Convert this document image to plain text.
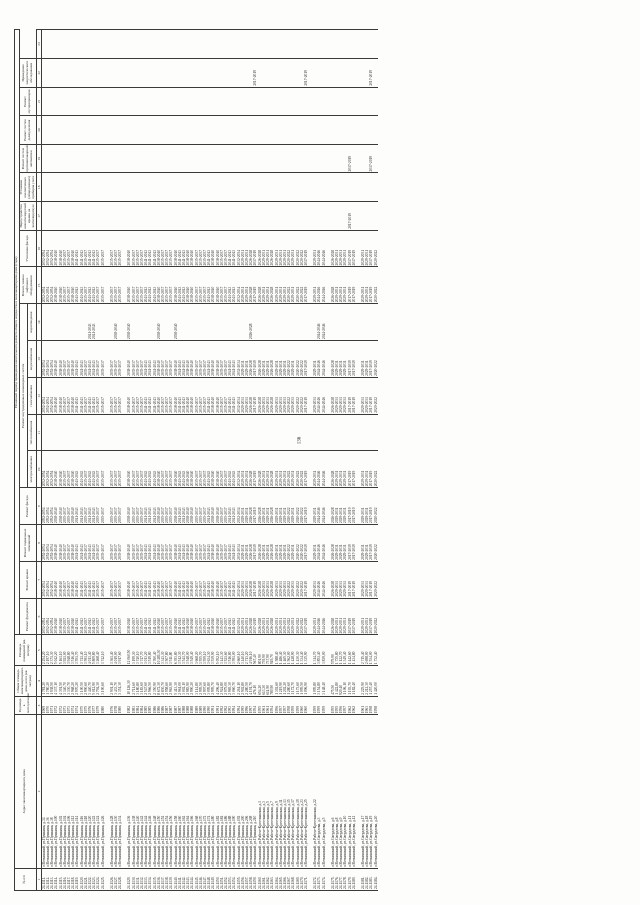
136
№ п/п	Адрес многоквартирного дома	Год ввода в эксплуатацию	Общая площадь многоквартирного дома, всего (кв. метров)	Площадь помещений (кв. метров)	Плановый период проведения капитального ремонта общего имущества в многоквартирном доме (годы)																	
					Ремонт фундамента	Ремонт крыши	Ремонт подвальных помещений	Ремонт фасада	Ремонт внутридомовых инженерных систем					Ремонт, замена лифтового оборудования	Утепление фасада	Переустройство невентилируемой крыши на вентилируемую	Установка коллективных (общедомовых) приборов учета	Ремонт систем противопожарной автоматики	Ремонт систем дымоудаления	Ремонт мусоропроводов	Проведение энергетического обследования	
									электроснабжения	теплоснабжения	газоснабжения	водоснабжения	водоотведения									
1	2	3	4	5	6	7	8	9	10	11	12	13	14	15	16	17	18	19	20	21	22	23
24.1111.	г.Воткинский, ул.Пушкина, д.34	1969	1 781,20	2 254,20	2052-2054	2052-2054	2052-2054	2052-2054	2052-2054		2052-2054	2052-2054		2052-2054	2052-2054							
24.1112.	г.Воткинский, ул.Пушкина, д.36	1970	1 780,20	2 197,10	2052-2054	2052-2054	2052-2054	2052-2054	2052-2054		2052-2054	2052-2054		2052-2054	2052-2054							
24.1113.	г.Воткинский, ул.Пушкина, д.38	1971	1 938,50	2 371,30	2052-2054	2052-2054	2052-2054	2052-2054	2052-2054		2052-2054	2052-2054		2052-2054	2052-2054							
24.1114.	г.Воткинский, ул.Пушкина, д.100	1972	4 337,10	5 042,20	2038-2040	2038-2040	2038-2040	2038-2040	2038-2040		2038-2040	2038-2040		2038-2040	2038-2040							
24.1115.	г.Воткинский, ул.Пушкина, д.102	1972	4 391,50	5 161,10	2038-2040	2038-2040	2038-2040	2038-2040	2038-2040		2038-2040	2038-2040		2038-2040	2038-2040							
24.1116.	г.Воткинский, ул.Пушкина, д.104	1973	3 340,70	3 921,00	2035-2037	2035-2037	2035-2037	2035-2037	2035-2037		2035-2037	2035-2037		2035-2037	2035-2037							
24.1117.	г.Воткинский, ул.Пушкина, д.106	1973	3 330,70	3 948,80	2035-2037	2035-2037	2035-2037	2035-2037	2035-2037		2035-2037	2035-2037		2035-2037	2035-2037							
24.1118.	г.Воткинский, ул.Пушкина, д.112	1974	2 968,20	3 516,40	2038-2040	2038-2040	2038-2040	2038-2040	2038-2040		2038-2040	2038-2040		2038-2040	2038-2040							
24.1119.	г.Воткинский, ул.Пушкина, д.114	1974	2 970,20	3 551,70	2041-2043	2041-2043	2041-2043	2041-2043	2041-2043		2041-2043	2041-2043		2041-2043	2041-2043							
24.1120.	г.Воткинский, ул.Пушкина, д.116	1975	3 100,50	3 741,40	2041-2043	2041-2043	2041-2043	2041-2043	2041-2043		2041-2043	2041-2043		2041-2043	2041-2043							
24.1121.	г.Воткинский, ул.Пушкина, д.118	1975	2 990,60	3 591,10	2035-2037	2035-2037	2035-2037	2035-2037	2035-2037		2035-2037	2035-2037		2035-2037	2035-2037							
24.1122.	г.Воткинский, ул.Пушкина, д.120	1976	3 440,70	4 013,40	2041-2043	2041-2043	2041-2043	2041-2043	2041-2043		2041-2043	2041-2043	2041-2043	2041-2043	2041-2043							
24.1123.	г.Воткинский, ул.Пушкина, д.122	1977	5 012,90	5 809,80	2041-2043	2041-2043	2041-2043	2041-2043	2041-2043		2041-2043	2041-2043	2041-2043	2041-2043	2041-2043							
24.1124.	г.Воткинский, ул.Пушкина, д.124	1979	2 794,30	3 268,40	2035-2037	2035-2037	2035-2037	2035-2037	2035-2037		2035-2037	2035-2037		2035-2037	2035-2037							
24.1125.	г.Воткинский, ул.Пушкина, д.126	1980	3 190,60	3 742,10	2035-2037	2035-2037	2035-2037	2035-2037	2035-2037		2035-2037	2035-2037		2035-2037	2035-2037							

24.1126.	г.Воткинский, ул.Пушкина, д.128	1976	2 901,10	3 361,40	2035-2037	2035-2037	2035-2037	2035-2037	2035-2037		2035-2037	2035-2037		2035-2037	2035-2037							
24.1127.	г.Воткинский, ул.Пушкина, д.130	1978	3 433,70	4 019,00	2035-2037	2035-2037	2035-2037	2035-2037	2035-2037		2035-2037	2035-2037	2038-2040	2035-2037	2035-2037							
24.1128.	г.Воткинский, ул.Пушкина, д.134	1980	3 351,30	3 917,60	2035-2037	2035-2037	2035-2037	2035-2037	2035-2037		2035-2037	2035-2037		2035-2037	2035-2037							

24.1129.	г.Воткинский, ул.Пушкина, д.136	1982	10 126,30	12 060,50	2038-2040	2038-2040	2038-2040	2038-2040	2038-2040		2038-2040	2038-2040	2038-2040	2038-2040	2038-2040							
24.1130.	г.Воткинский, ул.Пушкина, д.138	1983	2 711,60	3 199,30	2035-2037	2035-2037	2035-2037	2035-2037	2035-2037		2035-2037	2035-2037		2035-2037	2035-2037							
24.1131.	г.Воткинский, ул.Пушкина, д.140	1984	3 180,80	3 740,10	2035-2037	2035-2037	2035-2037	2035-2037	2035-2037		2035-2037	2035-2037		2035-2037	2035-2037							
24.1132.	г.Воткинский, ул.Пушкина, д.142	1984	3 183,60	3 747,70	2035-2037	2035-2037	2035-2037	2035-2037	2035-2037		2035-2037	2035-2037		2035-2037	2035-2037							
24.1133.	г.Воткинский, ул.Пушкина, д.144	1985	2 547,60	3 013,20	2041-2043	2041-2043	2041-2043	2041-2043	2041-2043		2041-2043	2041-2043		2041-2043	2041-2043							
24.1134.	г.Воткинский, ул.Пушкина, д.146	1985	2 966,50	3 519,80	2041-2043	2041-2043	2041-2043	2041-2043	2041-2043		2041-2043	2041-2043		2041-2043	2041-2043							
24.1135.	г.Воткинский, ул.Пушкина, д.148	1986	2 350,90	2 760,40	2041-2043	2041-2043	2041-2043	2041-2043	2041-2043		2041-2043	2041-2043		2041-2043	2041-2043							
24.1136.	г.Воткинский, ул.Пушкина, д.150	1986	8 672,30	10 281,30	2038-2040	2038-2040	2038-2040	2038-2040	2038-2040		2038-2040	2038-2040	2038-2040	2038-2040	2038-2040							
24.1137.	г.Воткинский, ул.Пушкина, д.152	1986	2 830,70	3 343,30	2035-2037	2035-2037	2035-2037	2035-2037	2035-2037		2035-2037	2035-2037		2035-2037	2035-2037							
24.1138.	г.Воткинский, ул.Пушкина, д.154	1987	2 958,60	3 507,80	2035-2037	2035-2037	2035-2037	2035-2037	2035-2037		2035-2037	2035-2037		2035-2037	2035-2037							
24.1139.	г.Воткинский, ул.Пушкина, д.156	1987	2 963,90	3 511,80	2035-2037	2035-2037	2035-2037	2035-2037	2035-2037		2035-2037	2035-2037		2035-2037	2035-2037							
24.1140.	г.Воткинский, ул.Пушкина, д.158	1987	5 413,30	6 393,80	2038-2040	2038-2040	2038-2040	2038-2040	2038-2040		2038-2040	2038-2040	2038-2040	2038-2040	2038-2040							
24.1141.	г.Воткинский, ул.Пушкина, д.160	1987	2 961,00	3 512,30	2041-2043	2041-2043	2041-2043	2041-2043	2041-2043		2041-2043	2041-2043		2041-2043	2041-2043							
24.1142.	г.Воткинский, ул.Пушкина, д.162	1988	3 002,10	3 541,70	2041-2043	2041-2043	2041-2043	2041-2043	2041-2043		2041-2043	2041-2043		2041-2043	2041-2043							
24.1143.	г.Воткинский, ул.Пушкина, д.164	1988	2 983,90	3 548,00	2038-2040	2038-2040	2038-2040	2038-2040	2038-2040		2038-2040	2038-2040		2038-2040	2038-2040							
24.1144.	г.Воткинский, ул.Пушкина, д.166	1988	2 990,20	3 549,40	2038-2040	2038-2040	2038-2040	2038-2040	2038-2040		2038-2040	2038-2040		2038-2040	2038-2040							
24.1145.	г.Воткинский, ул.Пушкина, д.168	1989	3 114,80	3 668,20	2035-2037	2035-2037	2035-2037	2035-2037	2035-2037		2035-2037	2035-2037		2035-2037	2035-2037							
24.1146.	г.Воткинский, ул.Пушкина, д.170	1989	2 995,50	3 555,70	2035-2037	2035-2037	2035-2037	2035-2037	2035-2037		2035-2037	2035-2037		2035-2037	2035-2037							
24.1147.	г.Воткинский, ул.Пушкина, д.172	1990	2 997,60	3 559,10	2035-2037	2035-2037	2035-2037	2035-2037	2035-2037		2035-2037	2035-2037		2035-2037	2035-2037							
24.1148.	г.Воткинский, ул.Пушкина, д.174	1990	3 095,80	3 634,30	2041-2043	2041-2043	2041-2043	2041-2043	2041-2043		2041-2043	2041-2043		2041-2043	2041-2043							
24.1149.	г.Воткинский, ул.Пушкина, д.180	1991	2 995,70	3 539,90	2038-2040	2038-2040	2038-2040	2038-2040	2038-2040		2038-2040	2038-2040		2038-2040	2038-2040							
24.1150.	г.Воткинский, ул.Пушкина, д.182	1991	4 296,40	5 052,10	2038-2040	2038-2040	2038-2040	2038-2040	2038-2040		2038-2040	2038-2040		2038-2040	2038-2040							
24.1151.	г.Воткинский, ул.Пушкина, д.184	1992	2 924,80	3 443,30	2035-2037	2035-2037	2035-2037	2035-2037	2035-2037		2035-2037	2035-2037		2035-2037	2035-2037							
24.1152.	г.Воткинский, ул.Пушкина, д.186	1992	2 975,00	3 521,60	2035-2037	2035-2037	2035-2037	2035-2037	2035-2037		2035-2037	2035-2037		2035-2037	2035-2037							
24.1153.	г.Воткинский, ул.Пушкина, д.188	1993	2 965,30	3 516,80	2041-2043	2041-2043	2041-2043	2041-2043	2041-2043		2041-2043	2041-2043		2041-2043	2041-2043							
24.1154.	г.Воткинский, ул.Пушкина, д.190	1994	3 060,70	3 591,00	2041-2043	2041-2043	2041-2043	2041-2043	2041-2043		2041-2043	2041-2043		2041-2043	2041-2043							
24.1155.	г.Воткинский, ул.Пушкина, д.192	1994	2 261,10	2 660,10	2032-2034	2032-2034	2032-2034	2032-2034	2032-2034		2032-2034	2032-2034		2032-2034	2032-2034							
24.1156.	г.Воткинский, ул.Пушкина, д.200	1995	2 902,80	3 440,10	2029-2031	2029-2031	2029-2031	2029-2031	2029-2031		2029-2031	2029-2031		2029-2031	2029-2031							
24.1157.	г.Воткинский, ул.Пушкина, д.206	1996	2 280,50	2 713,20	2029-2031	2029-2031	2029-2031	2029-2031	2029-2031		2029-2031	2029-2031		2029-2031	2029-2031							
24.1158.	г.Воткинский, ул.Пушкина, д.208	1997	4 191,70	4 916,10	2026-2028	2026-2028	2026-2028	2026-2028	2026-2028		2026-2028	2026-2028	2026-2028	2026-2028	2026-2028							
24.1159.	г.Воткинский, ул.Пушкина, д.210	1954	476,10	567,40	2017-2019	2017-2019	2017-2019	2017-2019	2017-2019		2017-2019	2017-2019		2017-2019	2017-2019						2017-2019	
24.1160.	г.Воткинский, ул.Рабоче-Крестьянская, д.1	1955	654,20	801,90	2026-2028	2026-2028	2026-2028	2026-2028	2026-2028		2026-2028	2026-2028		2026-2028	2026-2028							
24.1161.	г.Воткинский, ул.Рабоче-Крестьянская, д.3	1961	613,30	739,90	2029-2031	2029-2031	2029-2031	2029-2031	2029-2031		2029-2031	2029-2031		2029-2031	2029-2031							
24.1162.	г.Воткинский, ул.Рабоче-Крестьянская, д.5	1961	611,90	737,90	2029-2031	2029-2031	2029-2031	2029-2031	2029-2031		2029-2031	2029-2031		2029-2031	2029-2031							
24.1163.	г.Воткинский, ул.Рабоче-Крестьянская, д.7	1954	780,90	949,70	2026-2028	2026-2028	2026-2028	2026-2028	2026-2028		2026-2028	2026-2028		2026-2028	2026-2028							
24.1164.	г.Воткинский, ул.Рабоче-Крестьянская, д.9	1956	1 302,60	1 588,40	2029-2031	2029-2031	2029-2031	2029-2031	2029-2031		2029-2031	2029-2031		2029-2031	2029-2031							
24.1165.	г.Воткинский, ул.Рабоче-Крестьянская, д.11	1957	1 219,90	1 486,40	2029-2031	2029-2031	2029-2031	2029-2031	2029-2031		2029-2031	2029-2031		2029-2031	2029-2031							
24.1166.	г.Воткинский, ул.Рабоче-Крестьянская, д.13	1957	1 202,20	1 465,30	2029-2031	2029-2031	2029-2031	2029-2031	2029-2031		2029-2031	2029-2031		2029-2031	2029-2031							
24.1167.	г.Воткинский, ул.Рабоче-Крестьянская, д.15	1958	1 280,60	1 562,00	2020-2022	2020-2022	2020-2022	2020-2022	2020-2022		2020-2022	2020-2022		2020-2022	2020-2022							
24.1168.	г.Воткинский, ул.Рабоче-Крестьянская, д.17	1959	1 172,70	1 428,90	2029-2031	2029-2031	2029-2031	2029-2031	2029-2031		2029-2031	2029-2031		2029-2031	2029-2031							
24.1169.	г.Воткинский, ул.Рабоче-Крестьянская, д.19	1959	1 173,60	1 430,30	2020-2022	2020-2022	2020-2022	2020-2022	2020-2022		2020-2022	2020-2022		2020-2022	2020-2022							
24.1170.	г.Воткинский, ул.Рабоче-Крестьянская, д.23	1960	1 095,50	1 334,40	2020-2022	2020-2022	2020-2022	2020-2022	2020-2022		2020-2022	2020-2022		2020-2022	2020-2022							
24.1171.	г.Воткинский, ул.Рабоче-Крестьянская, д.25	1960	1 096,90	1 335,90	2017-2019	2017-2019	2017-2019	2017-2019	2017-2019		2017-2019	2017-2019		2017-2019	2017-2019						2017-2019	

24.1172.	г.Воткинский, ул.Рабоче-Крестьянская, д.22	1959	1 095,80	1 314,70	2029-2031	2029-2031	2029-2031	2029-2031	2029-2031		2029-2031	2029-2031		2029-2031	2029-2031							
24.1173.	г.Воткинский, ул.Свердлова, д.3	1959	3 154,80	3 851,40	2044-2046	2044-2046	2044-2046	2044-2046	2044-2046		2044-2046	2044-2046	2044-2046	2044-2046	2044-2046							
24.1174.	г.Воткинский, ул.Свердлова, д.5	1959	3 148,40	3 839,00	2044-2046	2044-2046	2044-2046	2044-2046	2044-2046		2044-2046	2044-2046	2044-2046	2044-2046	2044-2046							

24.1175.	г.Воткинский, ул.Свердлова, д.6	1955	475,50	579,90	2026-2028	2026-2028	2026-2028	2026-2028	2026-2028		2026-2028	2026-2028		2026-2028	2026-2028							
24.1176.	г.Воткинский, ул.Свердлова, д.8	1955	1 422,80	1 735,80	2029-2031	2029-2031	2029-2031	2029-2031	2029-2031		2029-2031	2029-2031		2029-2031	2029-2031							
24.1177.	г.Воткинский, ул.Свердлова, д.9	1956	920,40	1 122,70	2029-2031	2029-2031	2029-2031	2029-2031	2029-2031		2029-2031	2029-2031		2029-2031	2029-2031							
24.1178.	г.Воткинский, ул.Свердлова, д.10	1957	1 106,10	1 349,40	2029-2031	2029-2031	2029-2031	2029-2031	2029-2031		2029-2031	2029-2031		2029-2031	2029-2031							
24.1179.	г.Воткинский, ул.Свердлова, д.11	1962	1 193,70	1 442,60	2017-2019	2017-2019	2017-2019	2017-2019	2017-2019		2017-2019	2017-2019		2017-2019	2017-2019	2017-2019		2017-2019				
24.1180.	г.Воткинский, ул.Свердлова, д.12	1962	1 182,40	1 434,80	2017-2019	2017-2019	2017-2019	2017-2019	2017-2019		2017-2019	2017-2019		2017-2019	2017-2019							

24.1181.	г.Воткинский, ул.Свердлова, д.17	1961	2 225,90	2 715,40	2029-2031	2029-2031	2029-2031	2029-2031	2029-2031		2029-2031	2029-2031		2029-2031	2029-2031							
24.1182.	г.Воткинский, ул.Свердлова, д.18	1963	2 212,30	2 698,00	2029-2031	2029-2031	2029-2031	2029-2031	2029-2031		2029-2031	2029-2031		2029-2031	2029-2031							
24.1183.	г.Воткинский, ул.Свердлова, д.19	1958	1 257,40	1 534,00	2017-2019	2017-2019	2017-2019	2017-2019	2017-2019		2017-2019	2017-2019		2017-2019	2017-2019			2017-2019			2017-2019	
24.1184.	г.Воткинский, ул.Свердлова, д.20	1958	1 420,00	1 732,40	2020-2022	2020-2022	2020-2022	2020-2022	2020-2022		2020-2022	2020-2022		2020-2022	2020-2022							
